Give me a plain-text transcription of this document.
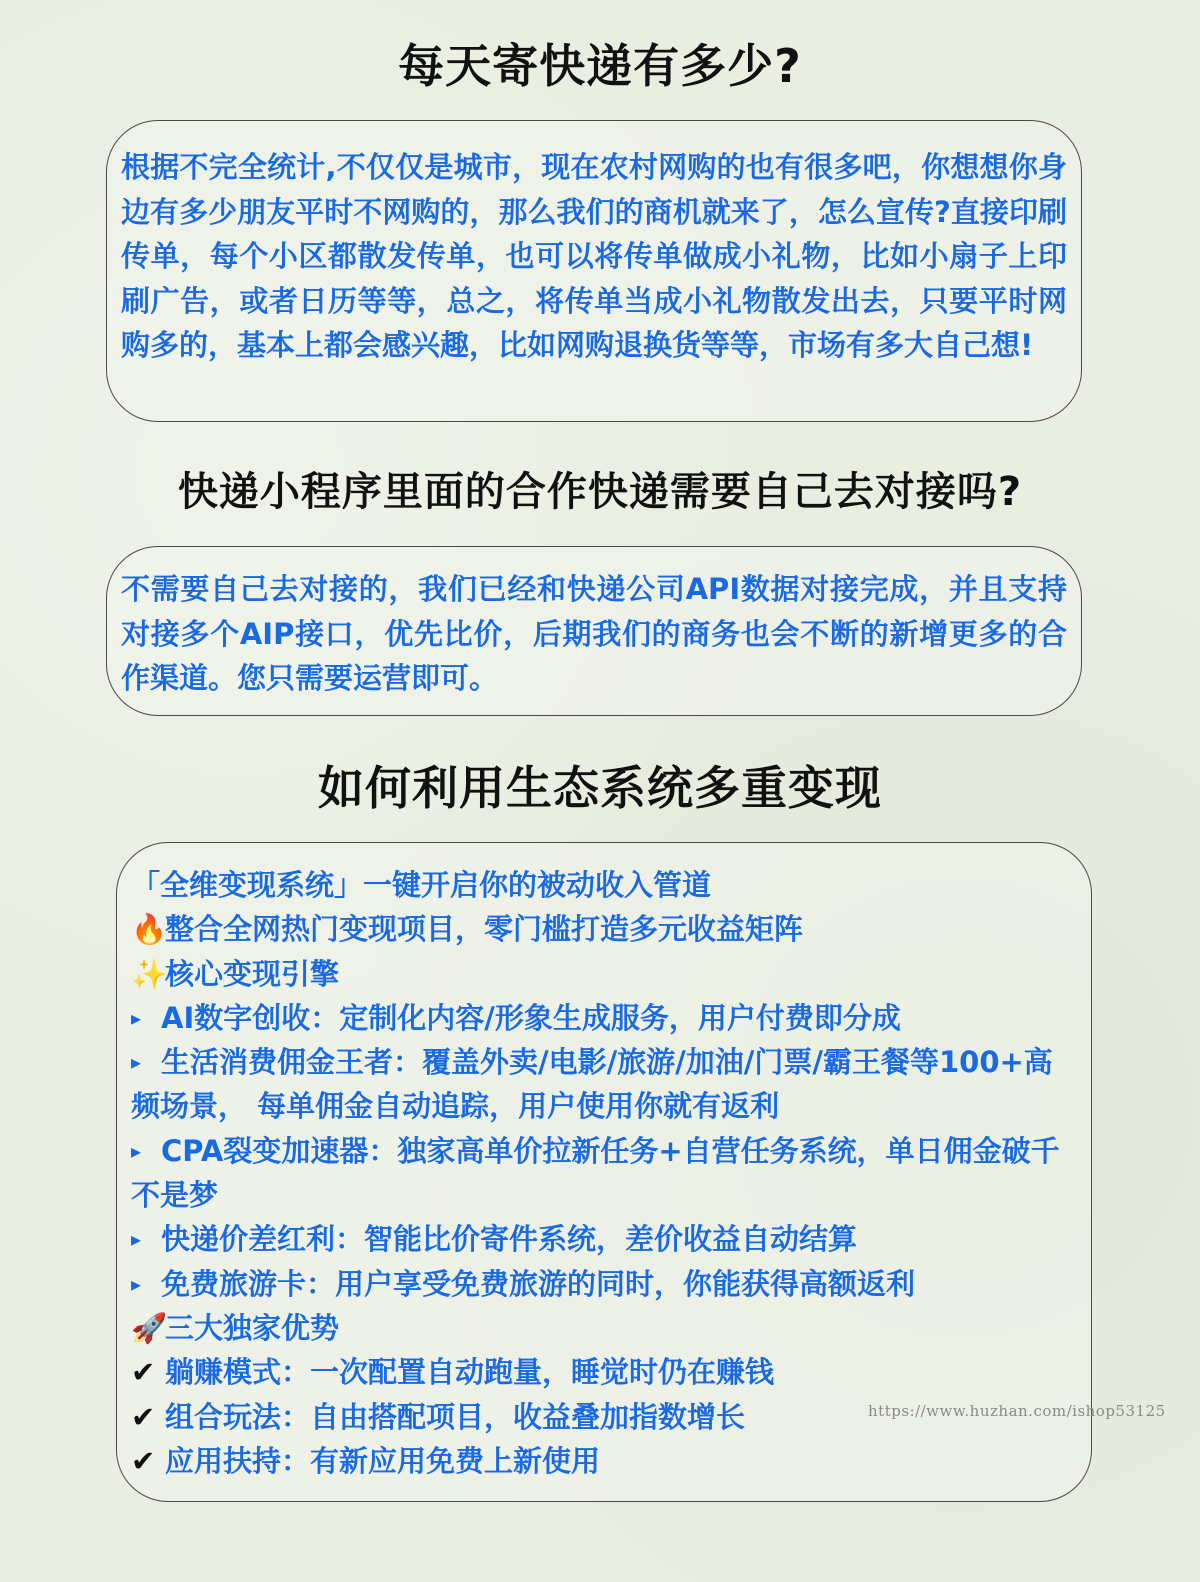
每天寄快递有多少?

根据不完全统计,不仅仅是城市，现在农村网购的也有很多吧，你想想你身边有多少朋友平时不网购的，那么我们的商机就来了，怎么宣传?直接印刷传单，每个小区都散发传单，也可以将传单做成小礼物，比如小扇子上印刷广告，或者日历等等，总之，将传单当成小礼物散发出去，只要平时网购多的，基本上都会感兴趣，比如网购退换货等等，市场有多大自己想!

快递小程序里面的合作快递需要自己去对接吗?

不需要自己去对接的，我们已经和快递公司API数据对接完成，并且支持对接多个AIP接口，优先比价，后期我们的商务也会不断的新增更多的合作渠道。您只需要运营即可。

如何利用生态系统多重变现
「全维变现系统」一键开启你的被动收入管道
🔥整合全网热门变现项目，零门槛打造多元收益矩阵
✨核心变现引擎
▸ AI数字创收：定制化内容/形象生成服务，用户付费即分成
▸ 生活消费佣金王者：覆盖外卖/电影/旅游/加油/门票/霸王餐等100+高频场景， 每单佣金自动追踪，用户使用你就有返利
▸ CPA裂变加速器：独家高单价拉新任务+自营任务系统，单日佣金破千不是梦
▸ 快递价差红利：智能比价寄件系统，差价收益自动结算
▸ 免费旅游卡：用户享受免费旅游的同时，你能获得高额返利
🚀三大独家优势
✔ 躺赚模式：一次配置自动跑量，睡觉时仍在赚钱
✔ 组合玩法：自由搭配项目，收益叠加指数增长
✔ 应用扶持：有新应用免费上新使用
https://www.huzhan.com/ishop53125
